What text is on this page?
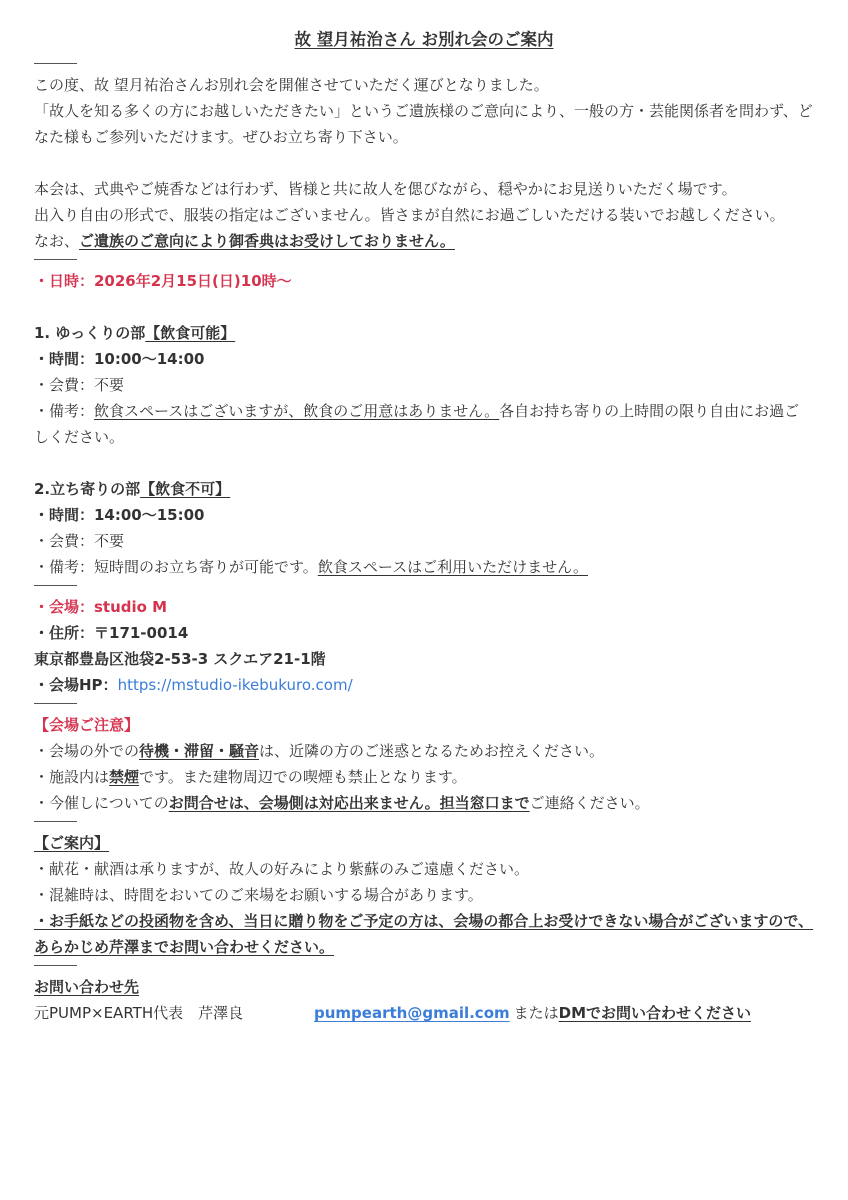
故 望月祐治さん お別れ会のご案内
この度、故 望月祐治さんお別れ会を開催させていただく運びとなりました。
「故人を知る多くの方にお越しいただきたい」というご遺族様のご意向により、一般の方・芸能関係者を問わず、どなた様もご参列いただけます。ぜひお立ち寄り下さい。
本会は、式典やご焼香などは行わず、皆様と共に故人を偲びながら、穏やかにお見送りいただく場です。
出入り自由の形式で、服装の指定はございません。皆さまが自然にお過ごしいただける装いでお越しください。
なお、ご遺族のご意向により御香典はお受けしておりません。
・日時：2026年2月15日(日)10時〜
1. ゆっくりの部【飲食可能】
・時間：10:00〜14:00
・会費：不要
・備考：飲食スペースはございますが、飲食のご用意はありません。各自お持ち寄りの上時間の限り自由にお過ごしください。
2.立ち寄りの部【飲食不可】
・時間：14:00〜15:00
・会費：不要
・備考：短時間のお立ち寄りが可能です。飲食スペースはご利用いただけません。
・会場：studio M
・住所：〒171-0014
東京都豊島区池袋2-53-3 スクエア21-1階
・会場HP：https://mstudio-ikebukuro.com/
【会場ご注意】
・会場の外での待機・滞留・騒音は、近隣の方のご迷惑となるためお控えください。
・施設内は禁煙です。また建物周辺での喫煙も禁止となります。
・今催しについてのお問合せは、会場側は対応出来ません。担当窓口までご連絡ください。
【ご案内】
・献花・献酒は承りますが、故人の好みにより紫蘇のみご遠慮ください。
・混雑時は、時間をおいてのご来場をお願いする場合があります。
・お手紙などの投函物を含め、当日に贈り物をご予定の方は、会場の都合上お受けできない場合がございますので、あらかじめ芹澤までお問い合わせください。
お問い合わせ先
元PUMP×EARTH代表　芹澤良	pumpearth@gmail.com または DMでお問い合わせください
